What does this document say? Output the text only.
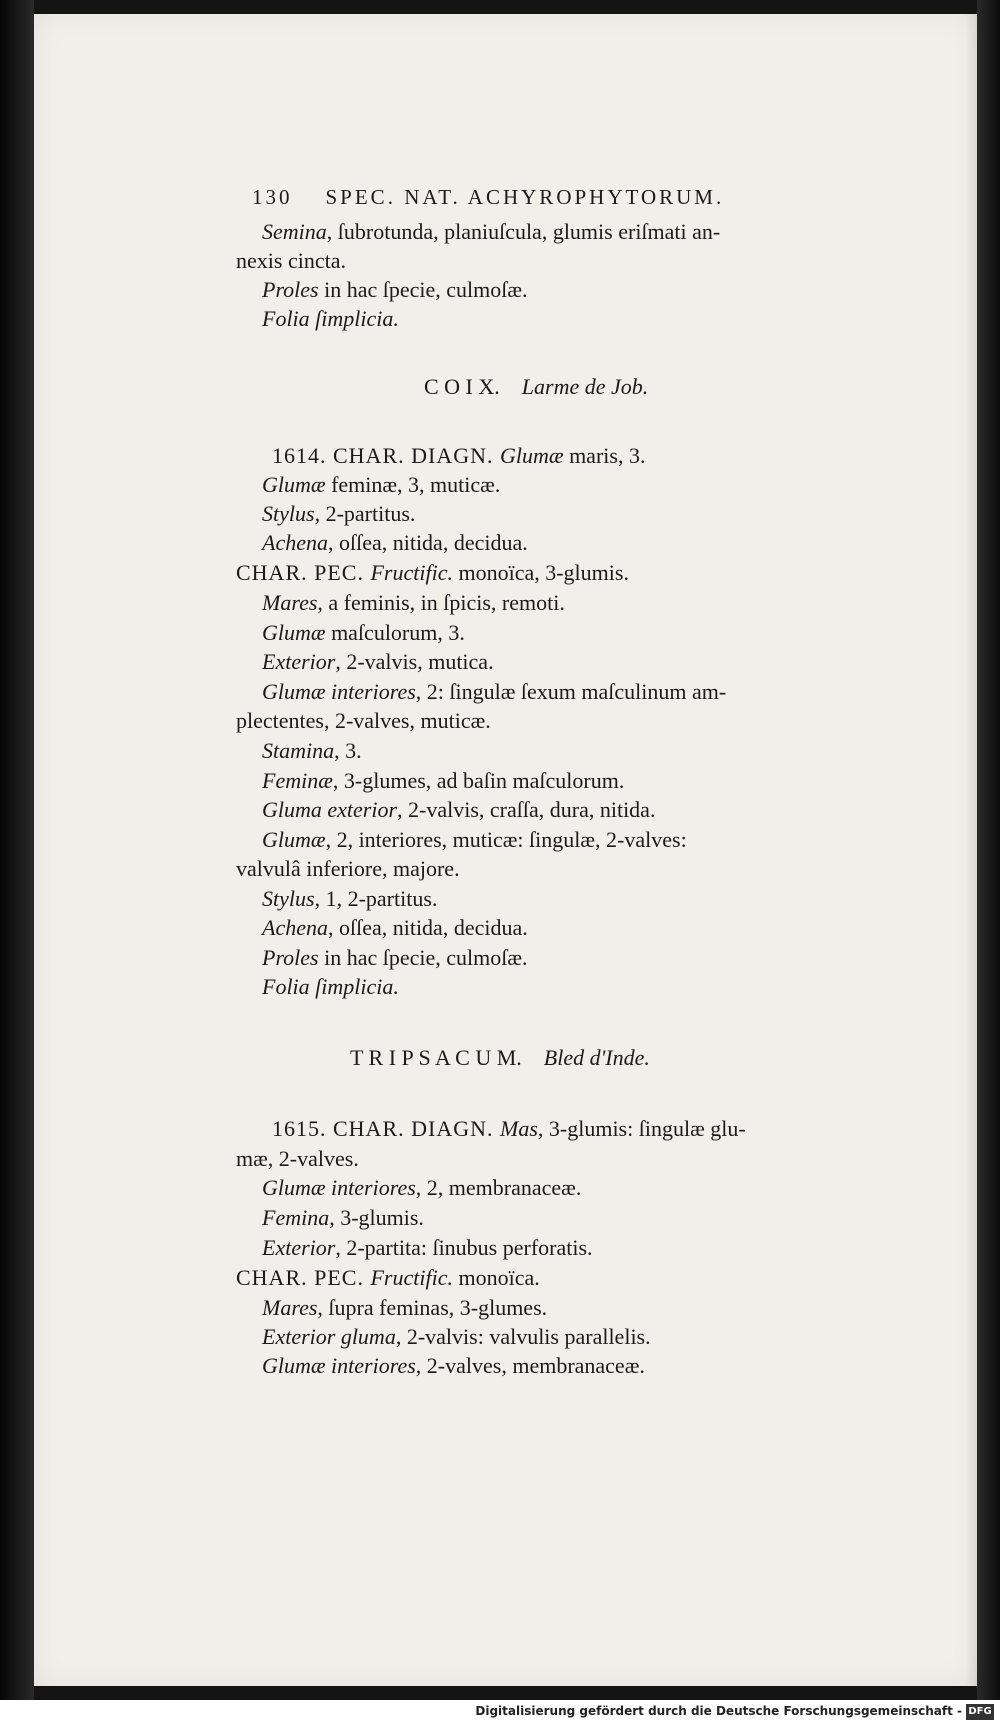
130 SPEC. NAT. ACHYROPHYTORUM.

Semina, ſubrotunda, planiuſcula, glumis eriſmati an-

nexis cincta.

Proles in hac ſpecie, culmoſæ.

Folia ſimplicia.

C O I X. Larme de Job.

1614. CHAR. DIAGN. Glumæ maris, 3.

Glumæ feminæ, 3, muticæ.

Stylus, 2-partitus.

Achena, oſſea, nitida, decidua.

CHAR. PEC. Fructific. monoïca, 3-glumis.

Mares, a feminis, in ſpicis, remoti.

Glumæ maſculorum, 3.

Exterior, 2-valvis, mutica.

Glumæ interiores, 2: ſingulæ ſexum maſculinum am-

plectentes, 2-valves, muticæ.

Stamina, 3.

Feminæ, 3-glumes, ad baſin maſculorum.

Gluma exterior, 2-valvis, craſſa, dura, nitida.

Glumæ, 2, interiores, muticæ: ſingulæ, 2-valves:

valvulâ inferiore, majore.

Stylus, 1, 2-partitus.

Achena, oſſea, nitida, decidua.

Proles in hac ſpecie, culmoſæ.

Folia ſimplicia.

T R I P S A C U M. Bled d'Inde.

1615. CHAR. DIAGN. Mas, 3-glumis: ſingulæ glu-

mæ, 2-valves.

Glumæ interiores, 2, membranaceæ.

Femina, 3-glumis.

Exterior, 2-partita: ſinubus perforatis.

CHAR. PEC. Fructific. monoïca.

Mares, ſupra feminas, 3-glumes.

Exterior gluma, 2-valvis: valvulis parallelis.

Glumæ interiores, 2-valves, membranaceæ.

Digitalisierung gefördert durch die Deutsche Forschungsgemeinschaft - DFG
